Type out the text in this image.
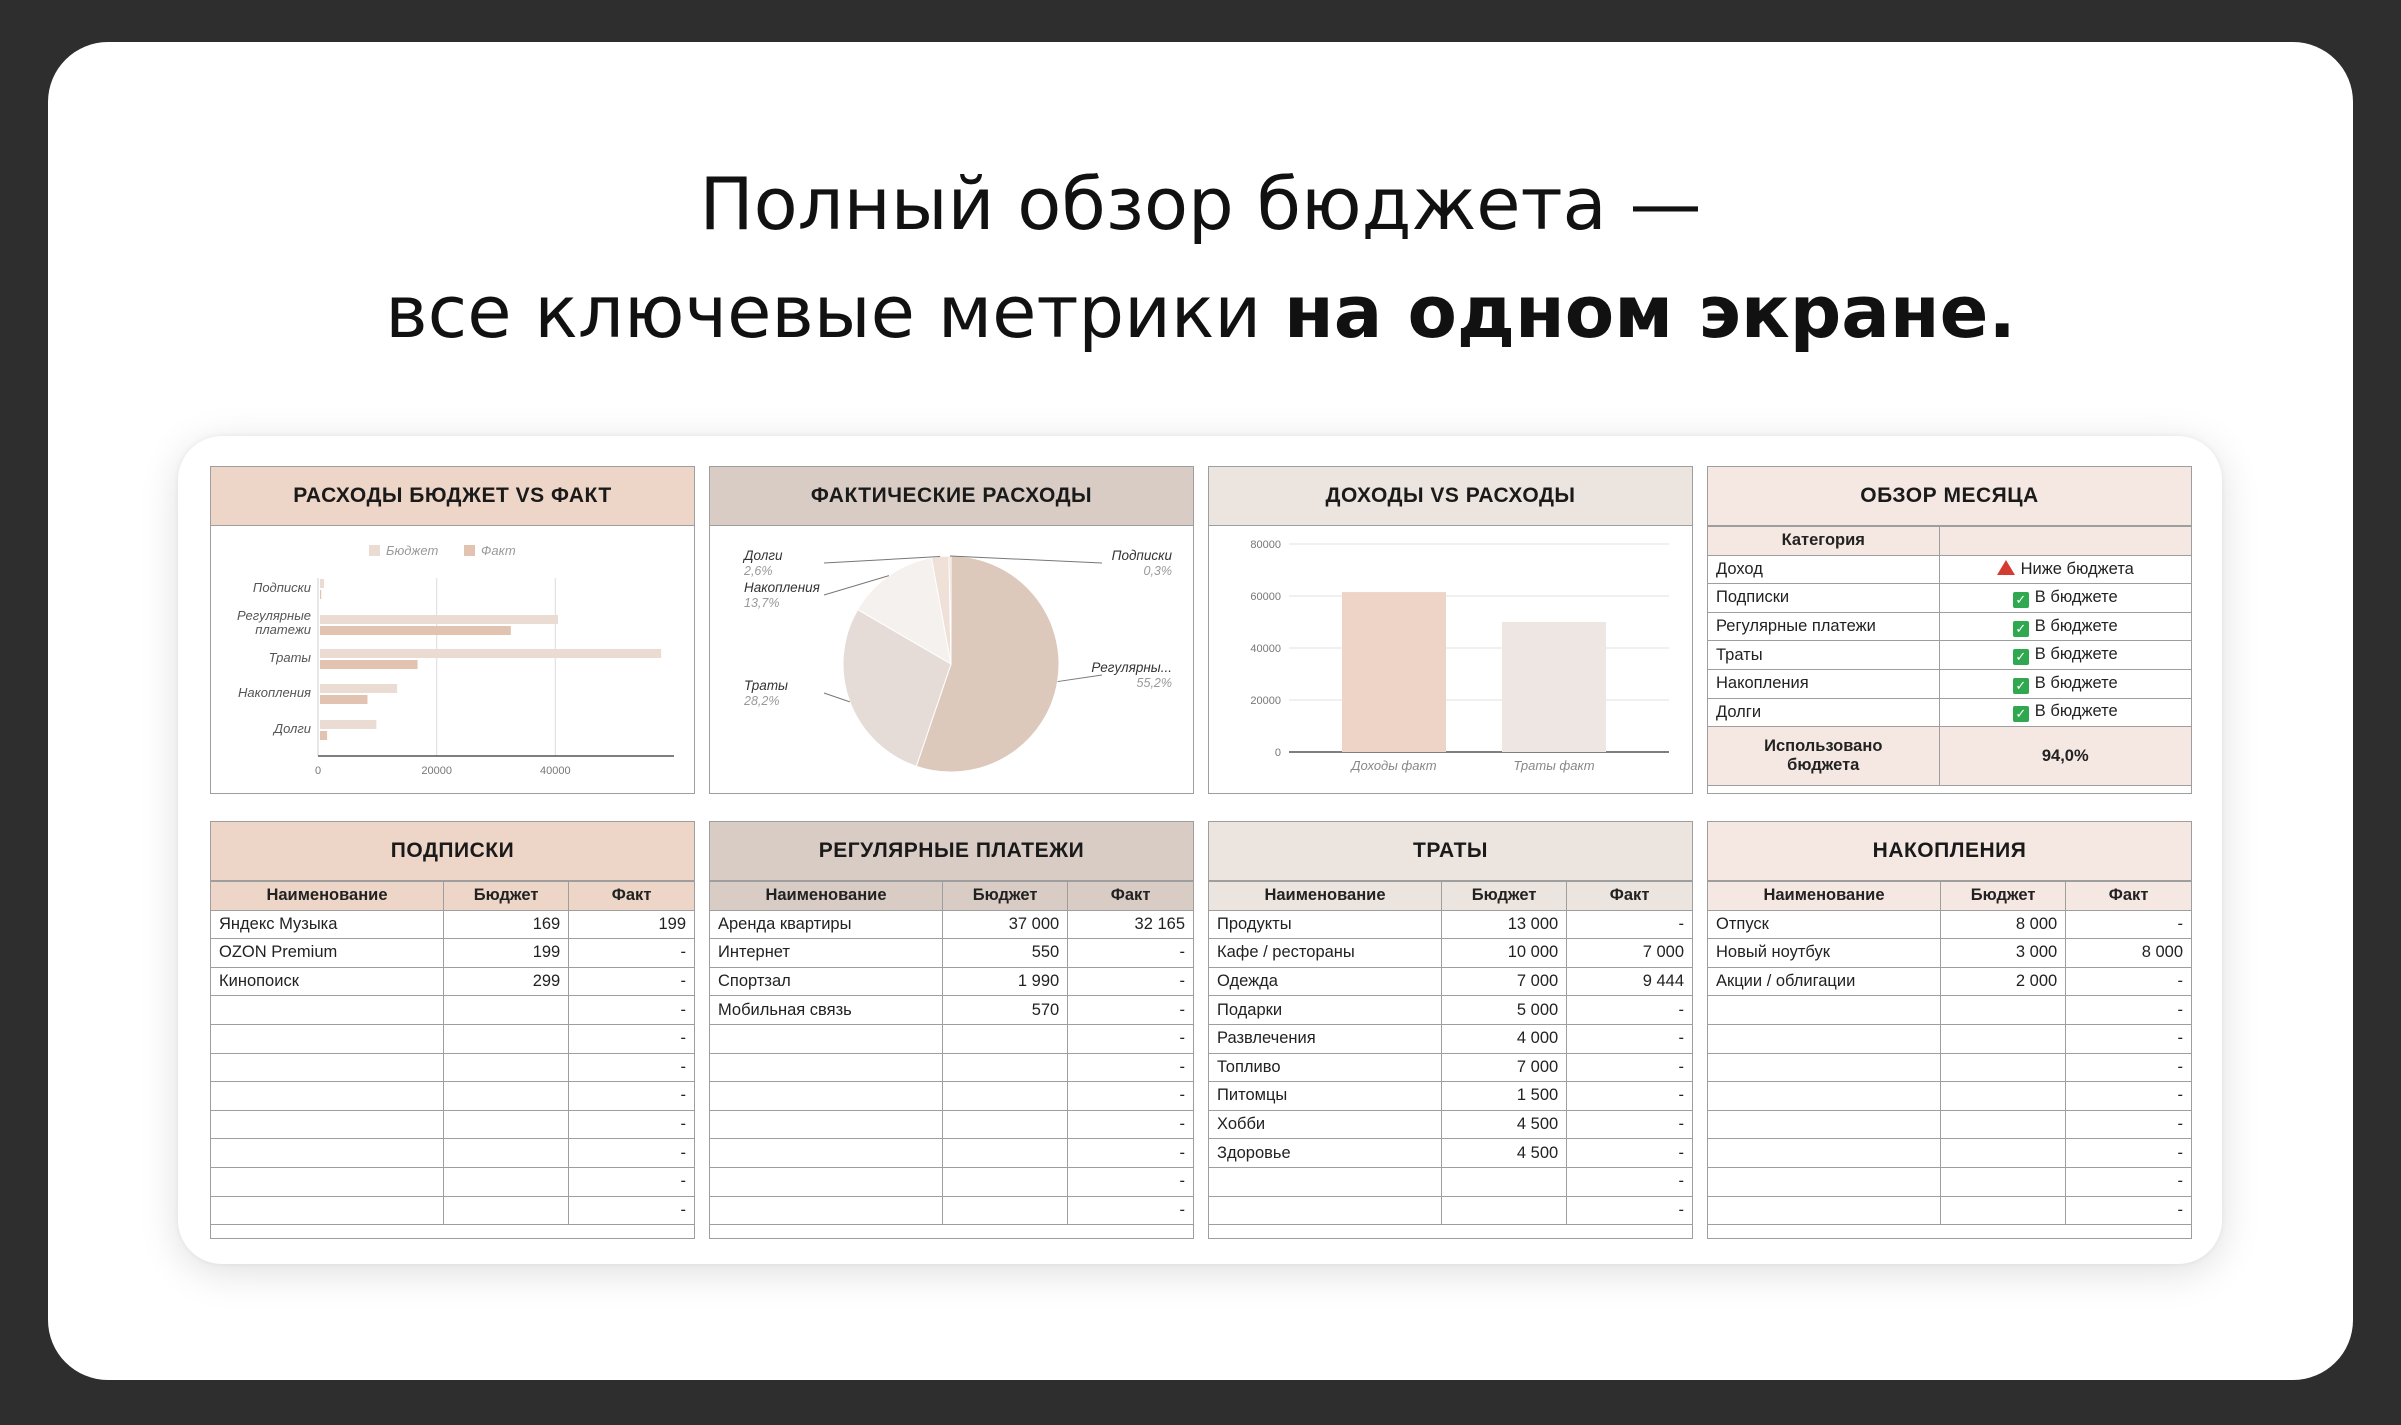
Полный обзор бюджета —
все ключевые метрики на одном экране.
РАСХОДЫ БЮДЖЕТ VS ФАКТ
Бюджет	Факт
0	20000	40000
Подписки
Регулярные
платежи
Траты
Накопления
Долги
ФАКТИЧЕСКИЕ РАСХОДЫ
Регулярны...
55,2%
Траты
28,2%
Накопления
13,7%
Долги
2,6%
Подписки
0,3%
ДОХОДЫ VS РАСХОДЫ
0
20000
40000
60000
80000
Доходы факт	Траты факт
ОБЗОР МЕСЯЦА
Категория	
Доход	Ниже бюджета
Подписки	✓ В бюджете
Регулярные платежи	✓ В бюджете
Траты	✓ В бюджете
Накопления	✓ В бюджете
Долги	✓ В бюджете
Использовано бюджета	94,0%
ПОДПИСКИ
Наименование	Бюджет	Факт
Яндекс Музыка	169	199
OZON Premium	199	-
Кинопоиск	299	-
		-
		-
		-
		-
		-
		-
		-
		-
РЕГУЛЯРНЫЕ ПЛАТЕЖИ
Наименование	Бюджет	Факт
Аренда квартиры	37 000	32 165
Интернет	550	-
Спортзал	1 990	-
Мобильная связь	570	-
		-
		-
		-
		-
		-
		-
		-
ТРАТЫ
Наименование	Бюджет	Факт
Продукты	13 000	-
Кафе / рестораны	10 000	7 000
Одежда	7 000	9 444
Подарки	5 000	-
Развлечения	4 000	-
Топливо	7 000	-
Питомцы	1 500	-
Хобби	4 500	-
Здоровье	4 500	-
		-
		-
НАКОПЛЕНИЯ
Наименование	Бюджет	Факт
Отпуск	8 000	-
Новый ноутбук	3 000	8 000
Акции / облигации	2 000	-
		-
		-
		-
		-
		-
		-
		-
		-
